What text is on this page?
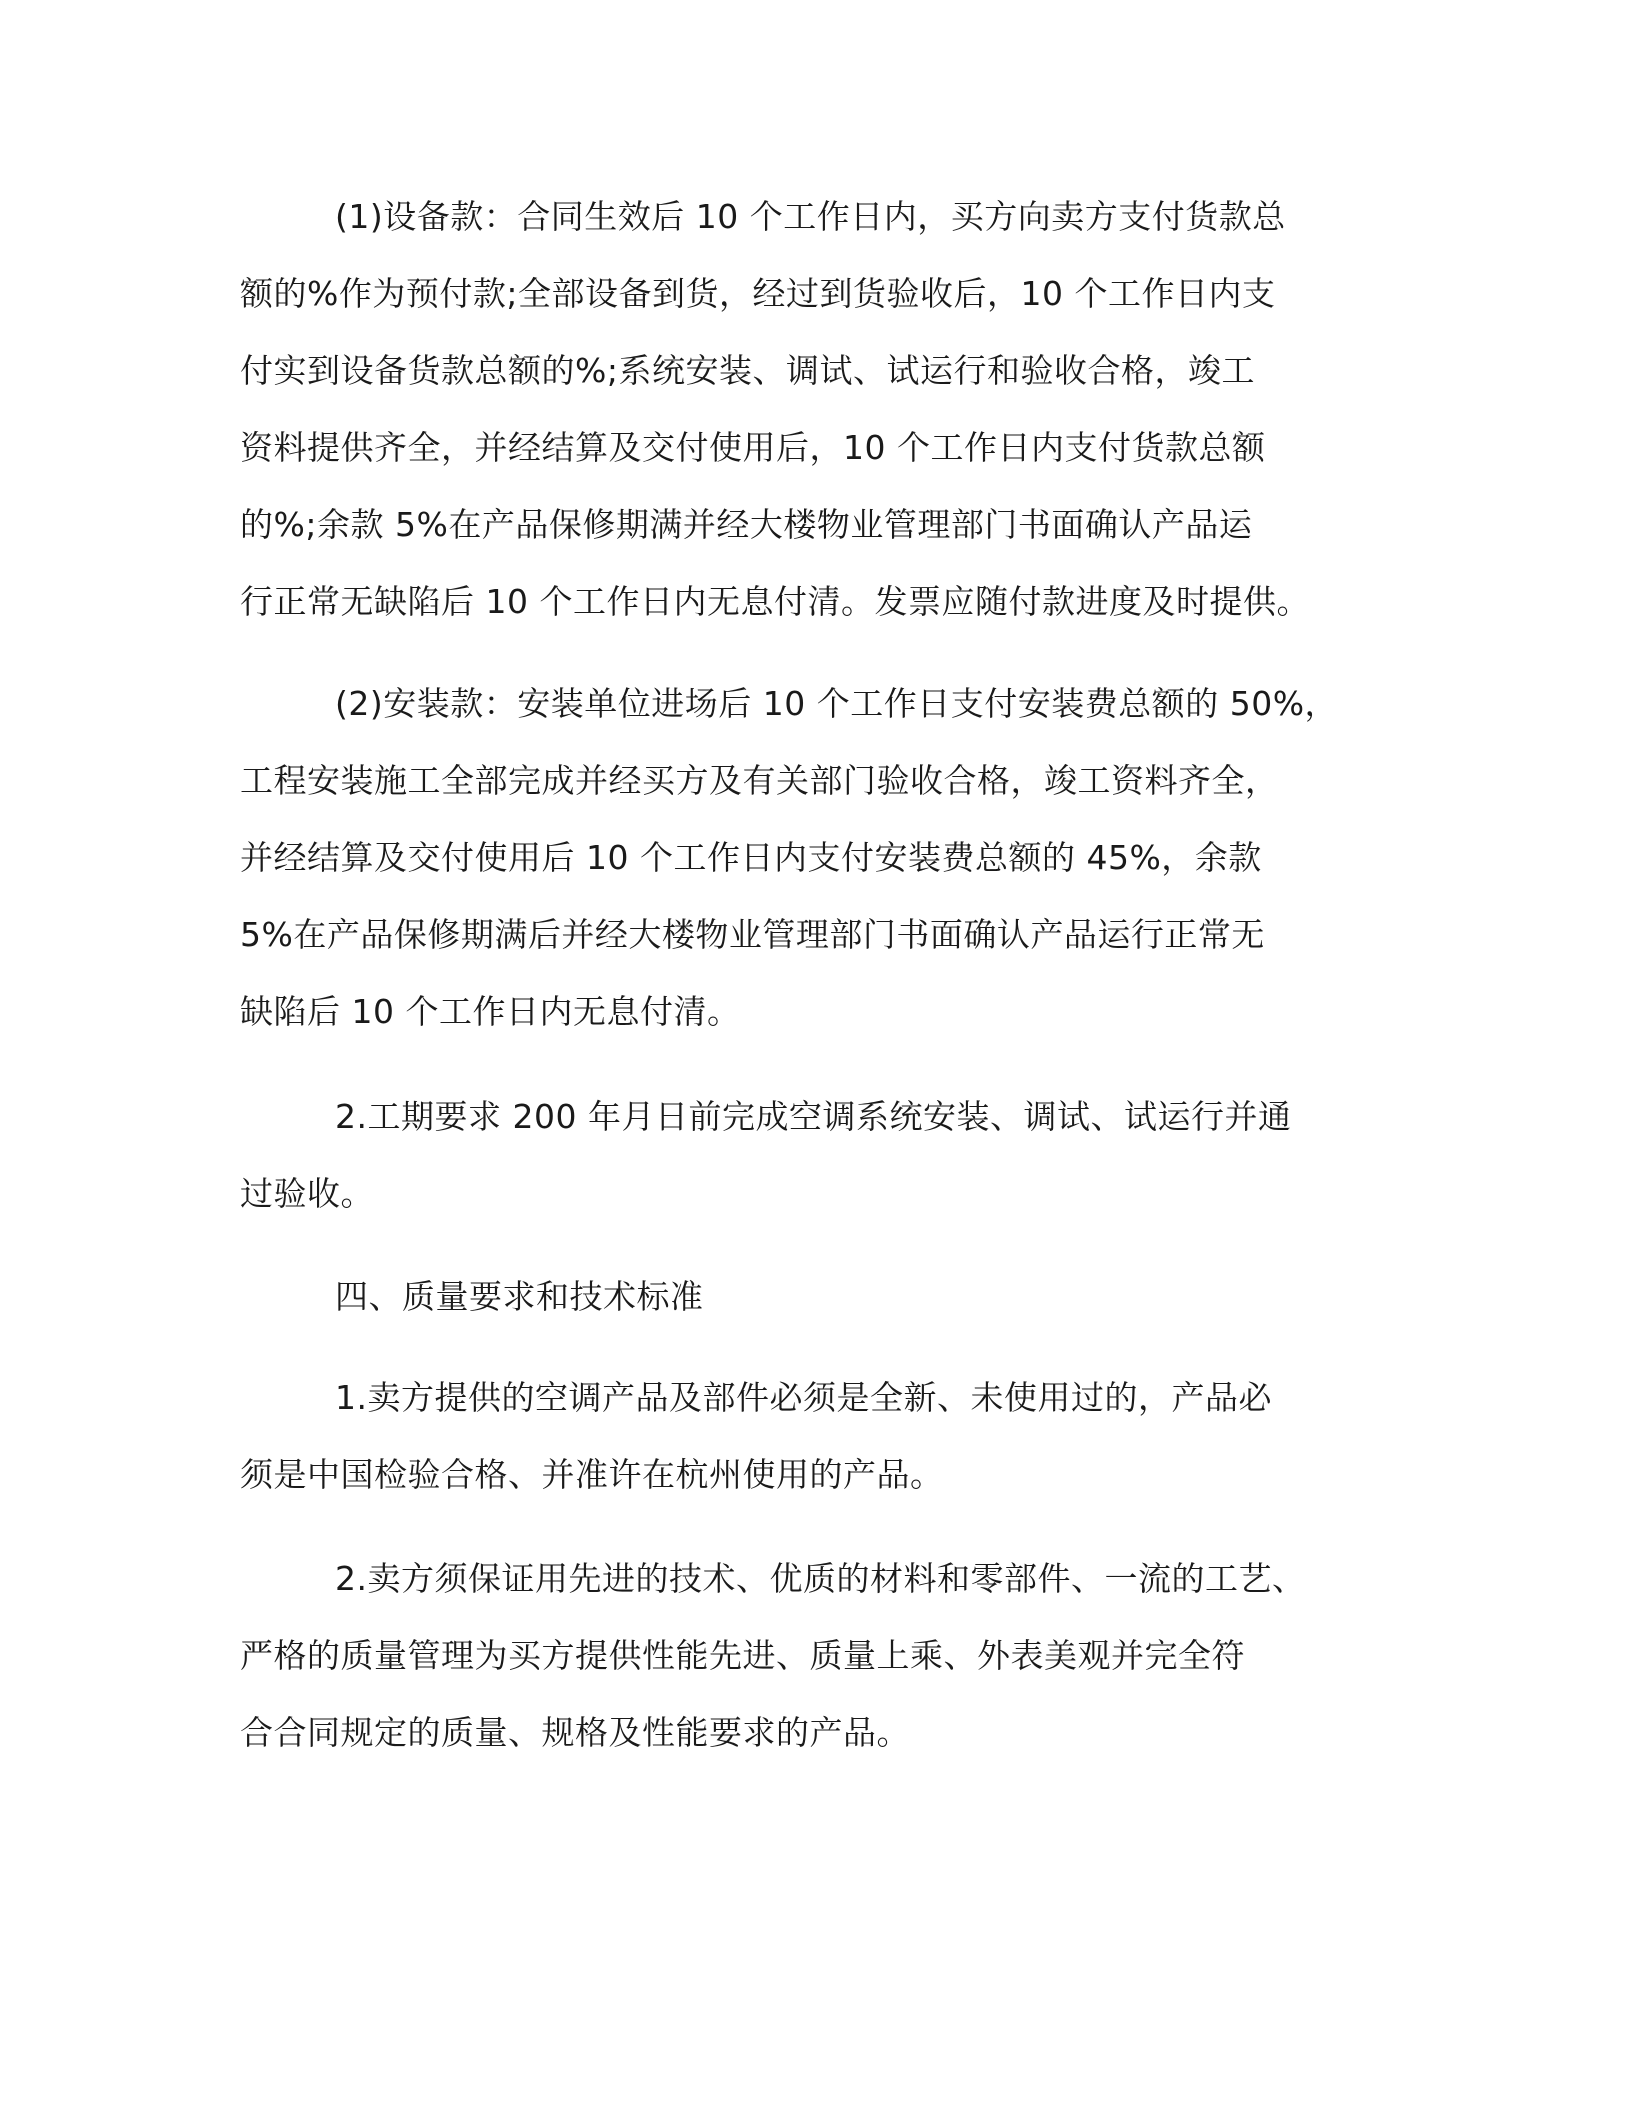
(1)设备款：合同生效后 10 个工作日内，买方向卖方支付货款总
额的%作为预付款;全部设备到货，经过到货验收后，10 个工作日内支
付实到设备货款总额的%;系统安装、调试、试运行和验收合格，竣工
资料提供齐全，并经结算及交付使用后，10 个工作日内支付货款总额
的%;余款 5%在产品保修期满并经大楼物业管理部门书面确认产品运
行正常无缺陷后 10 个工作日内无息付清。发票应随付款进度及时提供。
(2)安装款：安装单位进场后 10 个工作日支付安装费总额的 50%，
工程安装施工全部完成并经买方及有关部门验收合格，竣工资料齐全，
并经结算及交付使用后 10 个工作日内支付安装费总额的 45%，余款
5%在产品保修期满后并经大楼物业管理部门书面确认产品运行正常无
缺陷后 10 个工作日内无息付清。
2.工期要求 200 年月日前完成空调系统安装、调试、试运行并通
过验收。
四、质量要求和技术标准
1.卖方提供的空调产品及部件必须是全新、未使用过的，产品必
须是中国检验合格、并准许在杭州使用的产品。
2.卖方须保证用先进的技术、优质的材料和零部件、一流的工艺、
严格的质量管理为买方提供性能先进、质量上乘、外表美观并完全符
合合同规定的质量、规格及性能要求的产品。
